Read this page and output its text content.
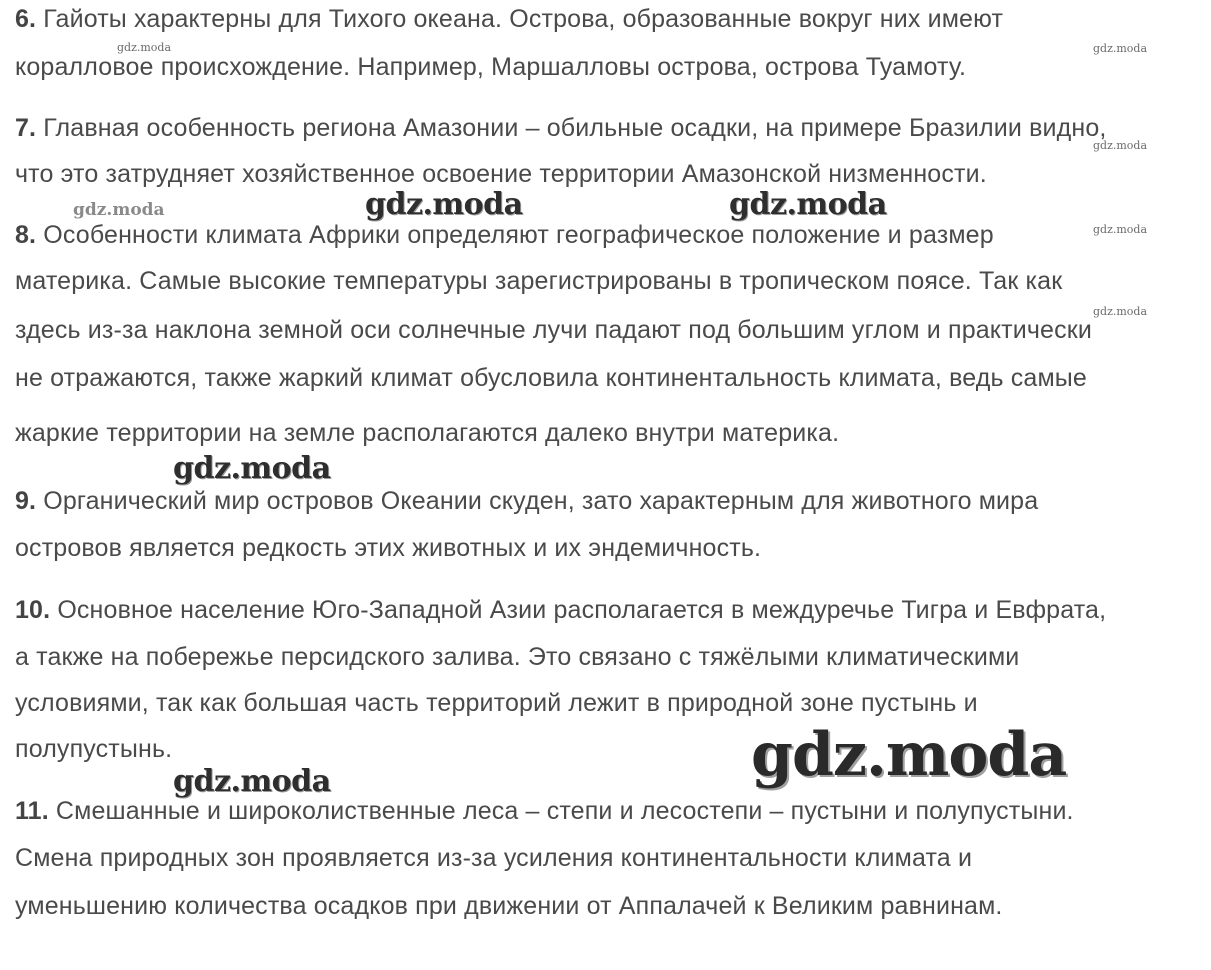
6. Гайоты характерны для Тихого океана. Острова, образованные вокруг них имеют
коралловое происхождение. Например, Маршалловы острова, острова Туамоту.
7. Главная особенность региона Амазонии – обильные осадки, на примере Бразилии видно,
что это затрудняет хозяйственное освоение территории Амазонской низменности.
8. Особенности климата Африки определяют географическое положение и размер
материка. Самые высокие температуры зарегистрированы в тропическом поясе. Так как
здесь из-за наклона земной оси солнечные лучи падают под большим углом и практически
не отражаются, также жаркий климат обусловила континентальность климата, ведь самые
жаркие территории на земле располагаются далеко внутри материка.
9. Органический мир островов Океании скуден, зато характерным для животного мира
островов является редкость этих животных и их эндемичность.
10. Основное население Юго-Западной Азии располагается в междуречье Тигра и Евфрата,
а также на побережье персидского залива. Это связано с тяжёлыми климатическими
условиями, так как большая часть территорий лежит в природной зоне пустынь и
полупустынь.
11. Смешанные и широколиственные леса – степи и лесостепи – пустыни и полупустыни.
Смена природных зон проявляется из-за усиления континентальности климата и
уменьшению количества осадков при движении от Аппалачей к Великим равнинам.
gdz.moda	gdz.moda
gdz.moda
gdz.moda
gdz.moda
gdz.moda	gdz.moda	gdz.moda
gdz.moda
gdz.moda	gdz.moda
